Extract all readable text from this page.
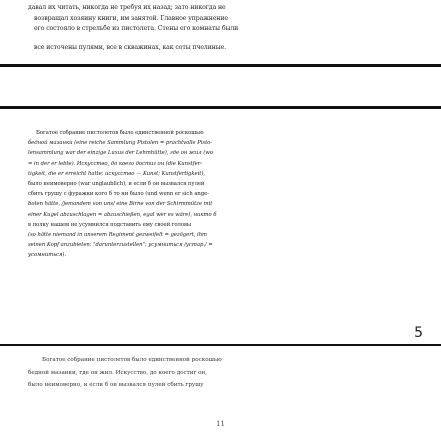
давал их читать, никогда не требуя их назад; зато никогда не
возвращал хозяину книги, им занятой. Главное упражнение
его состояло в стрельбе из пистолета. Стены его комнаты были
все источены пулями, все в скважинах, как соты пчелиные.
Богатое собрание пистолетов было единственной роскошью
бедной мазанки (eine reiche Sammlung Pistolen = prachtvolle Pisto-
lensammlung war der einzige Luxus der Lehmhütte), где он жил (wo
= in der er lebte). Искусство, до коего достиг он (die Kunstfer-
tigkeit, die er erreicht hatte; искусство — Kunst; Kunstfertigkeit),
было неимоверно (war unglaublich), и если б он вызвался пулей
сбить грушу с фуражки кого б то ни было (und wenn er sich ange-
boten hätte, /jemandem von uns/ eine Birne von der Schirmmütze mit
einer Kugel abzuschlagen = abzuschießen, egal wer es wäre), никто б
в полку нашем не усумнился подставить ему своей головы
(so hätte niemand in unserem Regiment gezweifelt = gezögert, ihm
seinen Kopf anzubieten: "darunterzustellen"; усумниться /устар./ =
усомниться).
5
Богатое собрание пистолетов было единственной роскошью
бедной мазанки, где он жил. Искусство, до коего достиг он,
было неимоверно, и если б он вызвался пулей сбить грушу
11
